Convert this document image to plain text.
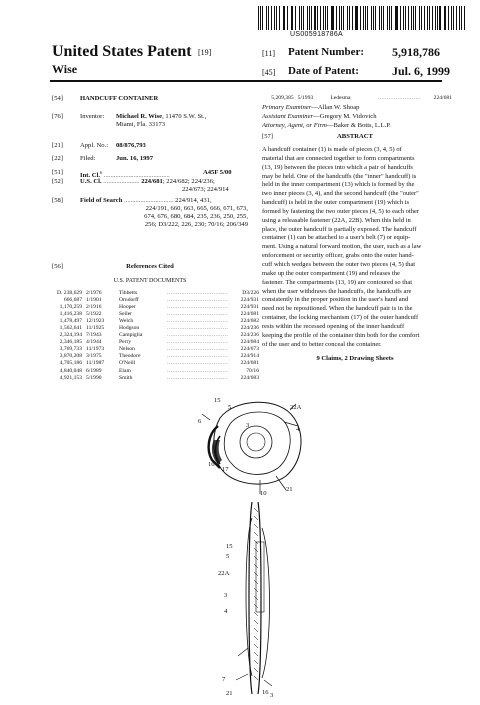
US005918786A
United States Patent [19]
Wise
[11] Patent Number: 5,918,786
[45] Date of Patent:	Jul. 6, 1999
[54]	HANDCUFF CONTAINER
[76]	Inventor: Michael R. Wise, 11470 S.W. St.,
Miami, Fla. 33173
[21]	Appl. No.: 08/876,793
[22]	Filed:	Jun. 16, 1997
[51]	Int. Cl.$^6$ ........................................	A45F 5/00
[52]	U.S. Cl. ...................... 224/681; 224/682; 224/236;
224/673; 224/914
[58]	Field of Search .............................. 224/914, 431,
224/191, 660, 663, 665, 666, 671, 673,
674, 676, 680, 684, 235, 236, 250, 255,
256; D3/222, 226, 230; 70/16; 206/349
[56]	References Cited
U.S. PATENT DOCUMENTS
D. 238,629 2/1976	Tibbetts	..................................	D3/226
666,687 1/1901	Orndorff	..................................	224/931
1,170,259 2/1916	Hooper	..................................	224/931
1,416,238 5/1922	Seiler	..................................	224/681
1,478,497 12/1923	Welch	..................................	224/682
1,562,641 11/1925	Hodgson	..................................	224/236
2,324,194 7/1943	Campiglia	..................................	224/236
2,346,185 4/1944	Perry	..................................	224/684
3,769,733 11/1973	Nelson	..................................	224/673
3,870,208 3/1975	Theodore	..................................	224/914
4,705,186 11/1987	O'Neill	..................................	224/681
4,840,048 6/1989	Elam	..................................	70/16
4,921,153 5/1990	Smith	..................................	224/683
5,209,385 5/1993	Ledesma	........................	224/681
Primary Examiner—Allan W. Shoap
Assistant Examiner—Gregory M. Vidovich
Attorney, Agent, or Firm—Baker & Botts, L.L.P.
[57]	ABSTRACT
A handcuff container (1) is made of pieces (3, 4, 5) of
material that are connected together to form compartments
(13, 19) between the pieces into which a pair of handcuffs
may be held. One of the handcuffs (the "inner" handcuff) is
held in the inner compartment (13) which is formed by the
two inner pieces (3, 4), and the second handcuff (the "outer"
handcuff) is held in the outer compartment (19) which is
formed by fastening the two outer pieces (4, 5) to each other
using a releasable fastener (22A, 22B). When this held in
place, the outer handcuff is partially exposed. The handcuff
container (1) can be attached to a user's belt (7) or equip-
ment. Using a natural forward motion, the user, such as a law
enforcement or security officer, grabs onto the outer hand-
cuff which wedges between the outer two pieces (4, 5) that
make up the outer compartment (19) and releases the
fastener. The compartments (13, 19) are contoured so that
when the user withdraws the handcuffs, the handcuffs are
consistently in the proper position in the user's hand and
need not be repositioned. When the handcuff pair is in the
container, the locking mechanism (17) of the outer handcuff
rests within the recessed opening of the inner handcuff
keeping the profile of the container thin both for the comfort
of the user and to better conceal the container.
9 Claims, 2 Drawing Sheets
15
5
3
22A
4
6
16
17
10
21
15
5
22A
3
4
7
21	16 3
